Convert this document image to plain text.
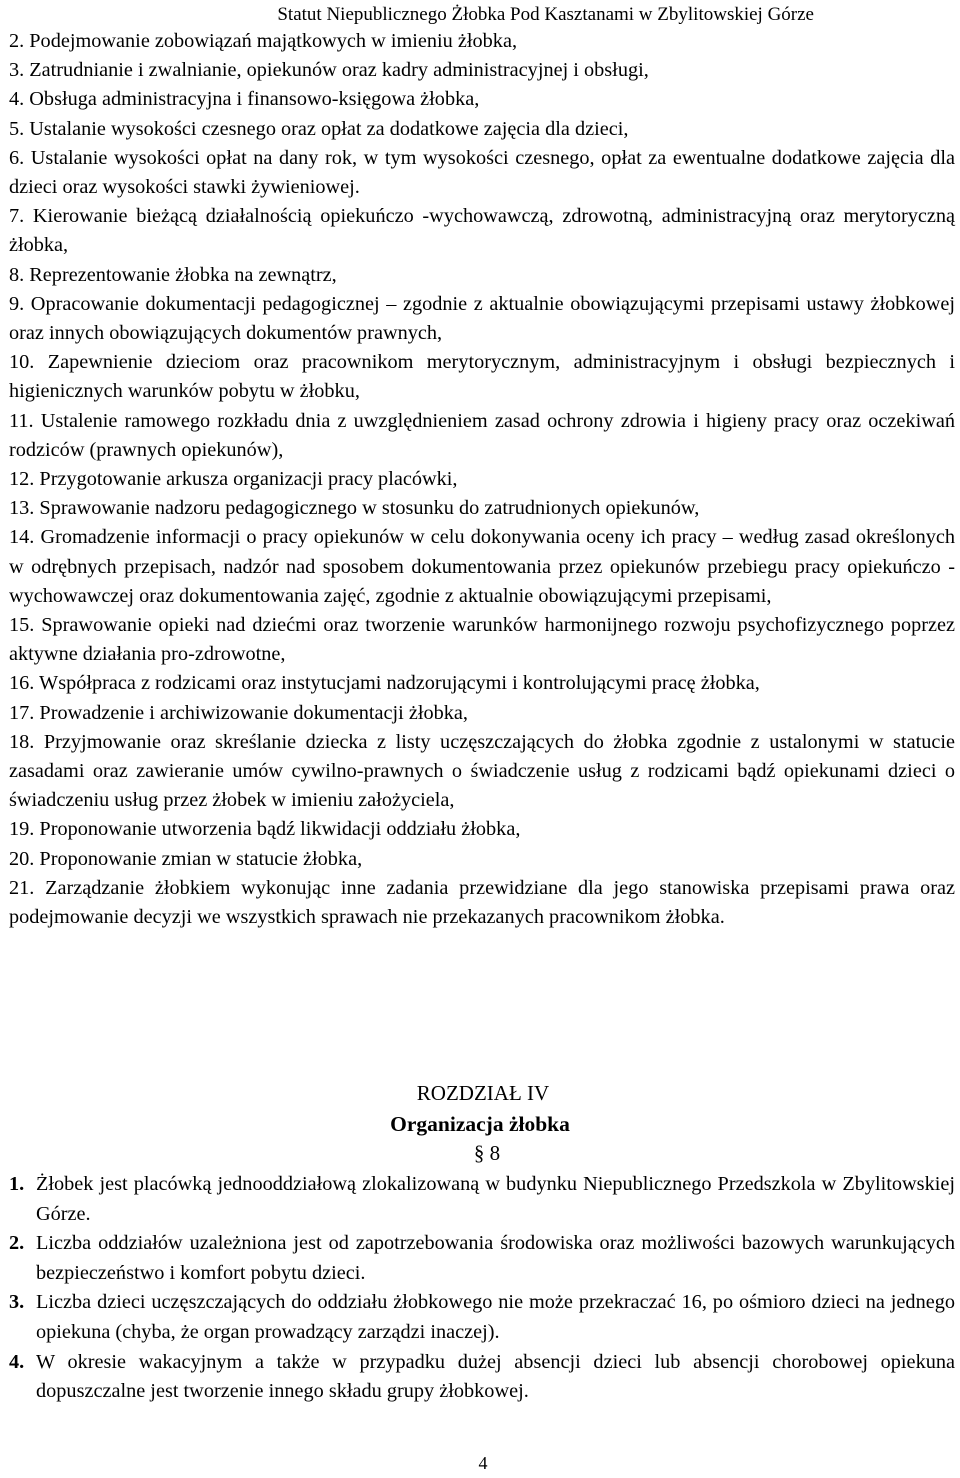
Statut Niepublicznego Żłobka Pod Kasztanami w Zbylitowskiej Górze

2. Podejmowanie zobowiązań majątkowych w imieniu żłobka,

3. Zatrudnianie i zwalnianie, opiekunów oraz kadry administracyjnej i obsługi,

4. Obsługa administracyjna i finansowo-księgowa żłobka,

5. Ustalanie wysokości czesnego oraz opłat za dodatkowe zajęcia dla dzieci,

6. Ustalanie wysokości opłat na dany rok, w tym wysokości czesnego, opłat za ewentualne dodatkowe zajęcia dla dzieci oraz wysokości stawki żywieniowej.

7. Kierowanie bieżącą działalnością opiekuńczo -wychowawczą, zdrowotną, administracyjną oraz merytoryczną żłobka,

8. Reprezentowanie żłobka na zewnątrz,

9. Opracowanie dokumentacji pedagogicznej – zgodnie z aktualnie obowiązującymi przepisami ustawy żłobkowej oraz innych obowiązujących dokumentów prawnych,

10. Zapewnienie dzieciom oraz pracownikom merytorycznym, administracyjnym i obsługi bezpiecznych i higienicznych warunków pobytu w żłobku,

11. Ustalenie ramowego rozkładu dnia z uwzględnieniem zasad ochrony zdrowia i higieny pracy oraz oczekiwań rodziców (prawnych opiekunów),

12. Przygotowanie arkusza organizacji pracy placówki,

13. Sprawowanie nadzoru pedagogicznego w stosunku do zatrudnionych opiekunów,

14. Gromadzenie informacji o pracy opiekunów w celu dokonywania oceny ich pracy – według zasad określonych w odrębnych przepisach, nadzór nad sposobem dokumentowania przez opiekunów przebiegu pracy opiekuńczo - wychowawczej oraz dokumentowania zajęć, zgodnie z aktualnie obowiązującymi przepisami,

15. Sprawowanie opieki nad dziećmi oraz tworzenie warunków harmonijnego rozwoju psychofizycznego poprzez aktywne działania pro-zdrowotne,

16. Współpraca z rodzicami oraz instytucjami nadzorującymi i kontrolującymi pracę żłobka,

17. Prowadzenie i archiwizowanie dokumentacji żłobka,

18. Przyjmowanie oraz skreślanie dziecka z listy uczęszczających do żłobka zgodnie z ustalonymi w statucie zasadami oraz zawieranie umów cywilno-prawnych o świadczenie usług z rodzicami bądź opiekunami dzieci o świadczeniu usług przez żłobek w imieniu założyciela,

19. Proponowanie utworzenia bądź likwidacji oddziału żłobka,

20. Proponowanie zmian w statucie żłobka,

21. Zarządzanie żłobkiem wykonując inne zadania przewidziane dla jego stanowiska przepisami prawa oraz podejmowanie decyzji we wszystkich sprawach nie przekazanych pracownikom żłobka.

ROZDZIAŁ IV
Organizacja żłobka
§ 8
1. Żłobek jest placówką jednooddziałową zlokalizowaną w budynku Niepublicznego Przedszkola w Zbylitowskiej Górze.
2. Liczba oddziałów uzależniona jest od zapotrzebowania środowiska oraz możliwości bazowych warunkujących bezpieczeństwo i komfort pobytu dzieci.
3. Liczba dzieci uczęszczających do oddziału żłobkowego nie może przekraczać 16, po ośmioro dzieci na jednego opiekuna (chyba, że organ prowadzący zarządzi inaczej).
4. W okresie wakacyjnym a także w przypadku dużej absencji dzieci lub absencji chorobowej opiekuna dopuszczalne jest tworzenie innego składu grupy żłobkowej.
4
